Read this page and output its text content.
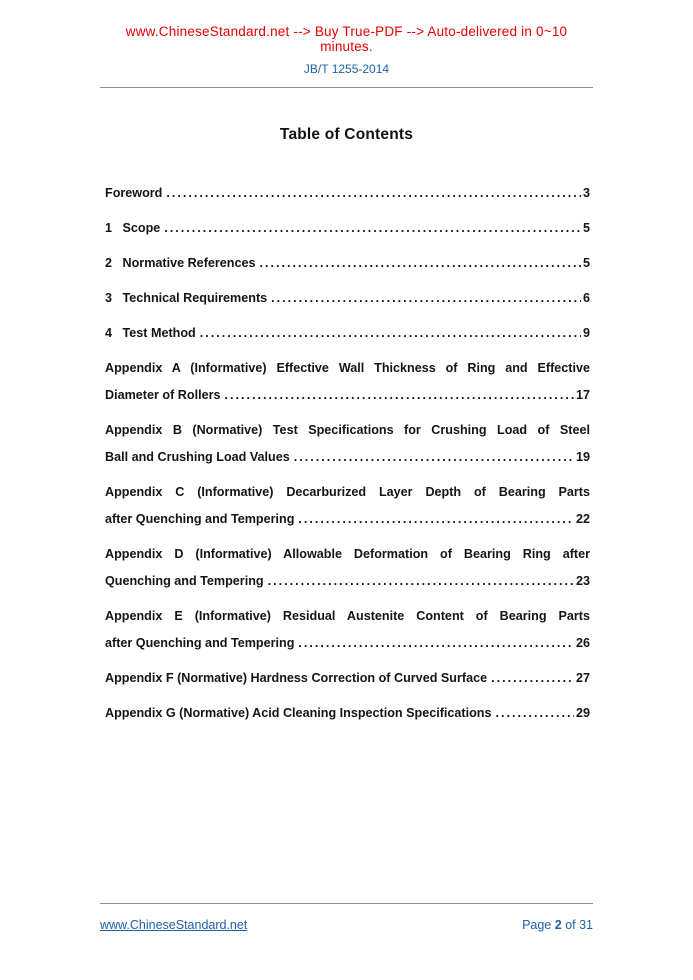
www.ChineseStandard.net --> Buy True-PDF --> Auto-delivered in 0~10 minutes.
JB/T 1255-2014
Table of Contents
Foreword .....	3
1   Scope .....	5
2   Normative References .....	5
3   Technical Requirements .....	6
4   Test Method .....	9
Appendix A (Informative) Effective Wall Thickness of Ring and Effective
Diameter of Rollers .....	17
Appendix B (Normative) Test Specifications for Crushing Load of Steel
Ball and Crushing Load Values .....	19
Appendix C (Informative) Decarburized Layer Depth of Bearing Parts
after Quenching and Tempering .....	22
Appendix D (Informative) Allowable Deformation of Bearing Ring after
Quenching and Tempering .....	23
Appendix E (Informative) Residual Austenite Content of Bearing Parts
after Quenching and Tempering .....	26
Appendix F (Normative) Hardness Correction of Curved Surface .....	27
Appendix G (Normative) Acid Cleaning Inspection Specifications .....	29
www.ChineseStandard.net	Page 2 of 31
